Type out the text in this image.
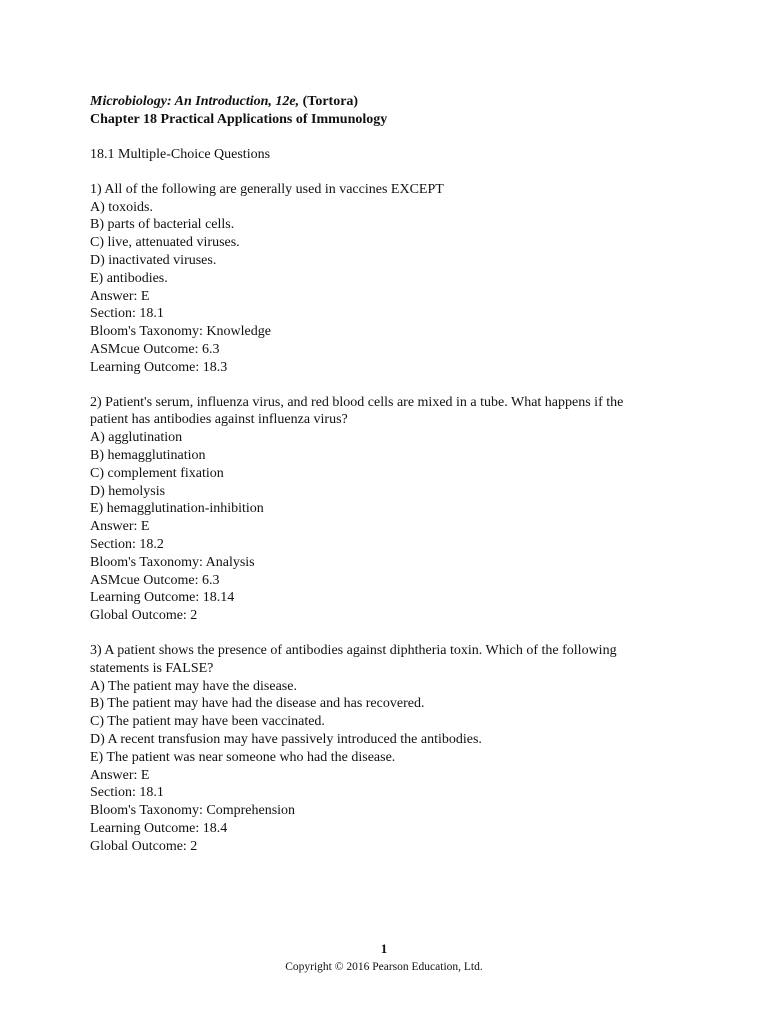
Microbiology: An Introduction, 12e, (Tortora)
Chapter 18 Practical Applications of Immunology
18.1 Multiple-Choice Questions
1) All of the following are generally used in vaccines EXCEPT
A) toxoids.
B) parts of bacterial cells.
C) live, attenuated viruses.
D) inactivated viruses.
E) antibodies.
Answer: E
Section: 18.1
Bloom's Taxonomy: Knowledge
ASMcue Outcome: 6.3
Learning Outcome: 18.3
2) Patient's serum, influenza virus, and red blood cells are mixed in a tube. What happens if the
patient has antibodies against influenza virus?
A) agglutination
B) hemagglutination
C) complement fixation
D) hemolysis
E) hemagglutination-inhibition
Answer: E
Section: 18.2
Bloom's Taxonomy: Analysis
ASMcue Outcome: 6.3
Learning Outcome: 18.14
Global Outcome: 2
3) A patient shows the presence of antibodies against diphtheria toxin. Which of the following
statements is FALSE?
A) The patient may have the disease.
B) The patient may have had the disease and has recovered.
C) The patient may have been vaccinated.
D) A recent transfusion may have passively introduced the antibodies.
E) The patient was near someone who had the disease.
Answer: E
Section: 18.1
Bloom's Taxonomy: Comprehension
Learning Outcome: 18.4
Global Outcome: 2
1
Copyright © 2016 Pearson Education, Ltd.
